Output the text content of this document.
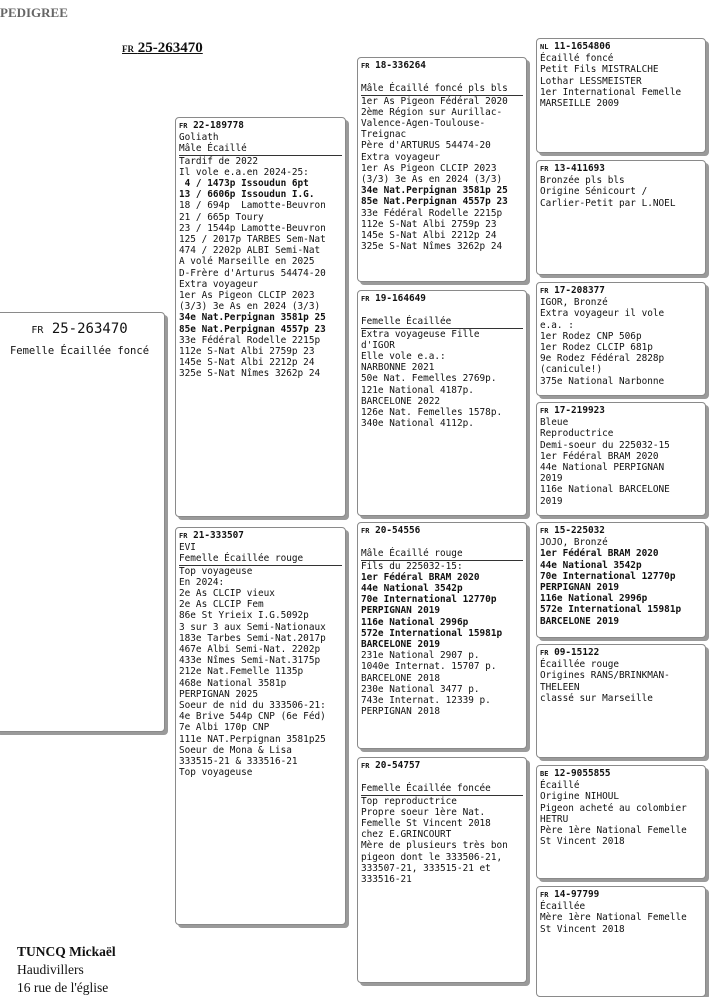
PEDIGREE
FR 25-263470
FR 25-263470
Femelle Écaillée foncé
FR 22-189778
Goliath
Mâle Écaillé
Tardif de 2022
Il vole e.a.en 2024-25:
4 / 1473p Issoudun 6pt
13 / 6606p Issoudun I.G.
18 / 694p  Lamotte-Beuvron
21 / 665p Toury
23 / 1544p Lamotte-Beuvron
125 / 2017p TARBES Sem-Nat
474 / 2202p ALBI Semi-Nat
A volé Marseille en 2025
D-Frère d'Arturus 54474-20
Extra voyageur
1er As Pigeon CLCIP 2023
(3/3) 3e As en 2024 (3/3)
34e Nat.Perpignan 3581p 25
85e Nat.Perpignan 4557p 23
33e Fédéral Rodelle 2215p
112e S-Nat Albi 2759p 23
145e S-Nat Albi 2212p 24
325e S-Nat Nîmes 3262p 24
FR 21-333507
EVI
Femelle Écaillée rouge
Top voyageuse
En 2024:
2e As CLCIP vieux
2e As CLCIP Fem
86e St Yrieix I.G.5092p
3 sur 3 aux Semi-Nationaux
183e Tarbes Semi-Nat.2017p
467e Albi Semi-Nat. 2202p
433e Nîmes Semi-Nat.3175p
212e Nat.Femelle 1135p
468e National 3581p
PERPIGNAN 2025
Soeur de nid du 333506-21:
4e Brive 544p CNP (6e Féd)
7e Albi 170p CNP
111e NAT.Perpignan 3581p25
Soeur de Mona & Lisa
333515-21 & 333516-21
Top voyageuse
FR 18-336264
Mâle Écaillé foncé pls bls
1er As Pigeon Fédéral 2020
2ème Région sur Aurillac-
Valence-Agen-Toulouse-
Treignac
Père d'ARTURUS 54474-20
Extra voyageur
1er As Pigeon CLCIP 2023
(3/3) 3e As en 2024 (3/3)
34e Nat.Perpignan 3581p 25
85e Nat.Perpignan 4557p 23
33e Fédéral Rodelle 2215p
112e S-Nat Albi 2759p 23
145e S-Nat Albi 2212p 24
325e S-Nat Nîmes 3262p 24
FR 19-164649
Femelle Écaillée
Extra voyageuse Fille
d'IGOR
Elle vole e.a.:
NARBONNE 2021
50e Nat. Femelles 2769p.
121e National 4187p.
BARCELONE 2022
126e Nat. Femelles 1578p.
340e National 4112p.
FR 20-54556
Mâle Écaillé rouge
Fils du 225032-15:
1er Fédéral BRAM 2020
44e National 3542p
70e International 12770p
PERPIGNAN 2019
116e National 2996p
572e International 15981p
BARCELONE 2019
231e National 2907 p.
1040e Internat. 15707 p.
BARCELONE 2018
230e National 3477 p.
743e Internat. 12339 p.
PERPIGNAN 2018
FR 20-54757
Femelle Écaillée foncée
Top reproductrice
Propre soeur 1ère Nat.
Femelle St Vincent 2018
chez E.GRINCOURT
Mère de plusieurs très bon
pigeon dont le 333506-21,
333507-21, 333515-21 et
333516-21
NL 11-1654806
Écaillé foncé
Petit Fils MISTRALCHE
Lothar LESSMEISTER
1er International Femelle
MARSEILLE 2009
FR 13-411693
Bronzée pls bls
Origine Sénicourt /
Carlier-Petit par L.NOEL
FR 17-208377
IGOR, Bronzé
Extra voyageur il vole
e.a. :
1er Rodez CNP 506p
1er Rodez CLCIP 681p
9e Rodez Fédéral 2828p
(canicule!)
375e National Narbonne
FR 17-219923
Bleue
Reproductrice
Demi-soeur du 225032-15
1er Fédéral BRAM 2020
44e National PERPIGNAN
2019
116e National BARCELONE
2019
FR 15-225032
JOJO, Bronzé
1er Fédéral BRAM 2020
44e National 3542p
70e International 12770p
PERPIGNAN 2019
116e National 2996p
572e International 15981p
BARCELONE 2019
FR 09-15122
Écaillée rouge
Origines RANS/BRINKMAN-
THELEEN
classé sur Marseille
BE 12-9055855
Écaillé
Origine NIHOUL
Pigeon acheté au colombier
HETRU
Père 1ère National Femelle
St Vincent 2018
FR 14-97799
Écaillée
Mère 1ère National Femelle
St Vincent 2018
TUNCQ Mickaël
Haudivillers
16 rue de l'église
